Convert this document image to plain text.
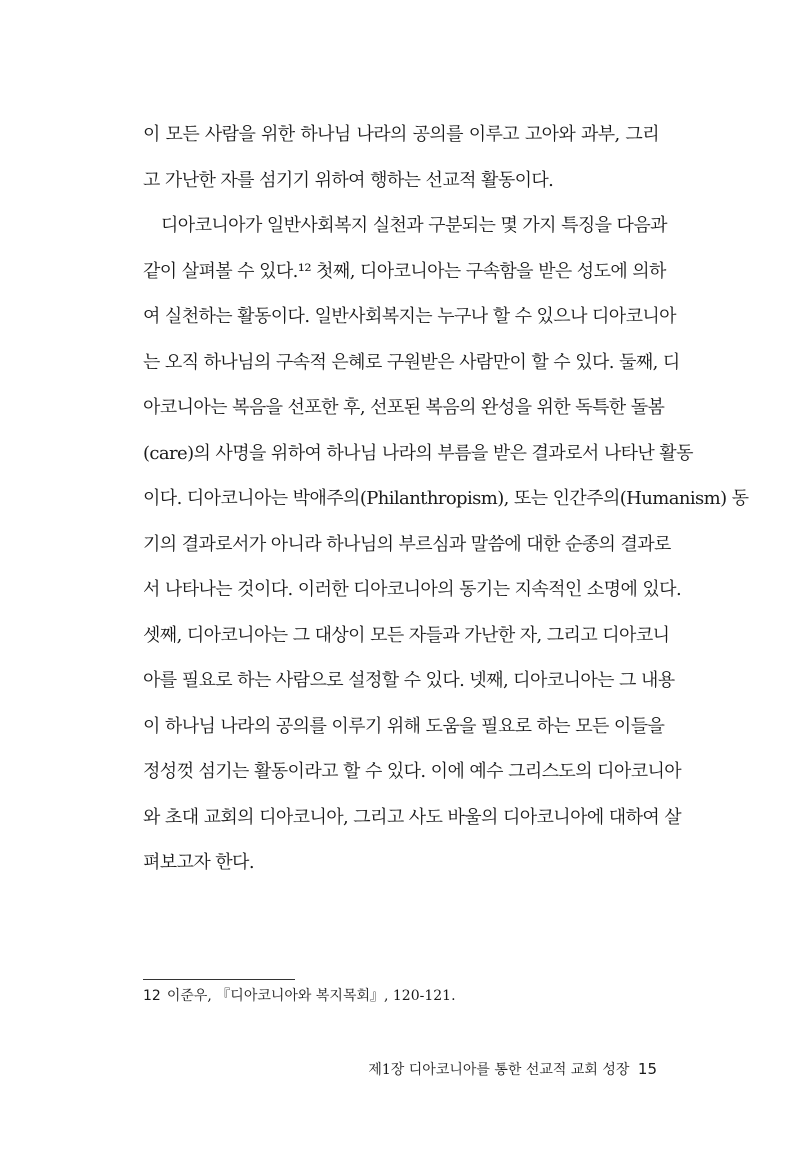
이 모든 사람을 위한 하나님 나라의 공의를 이루고 고아와 과부, 그리
고 가난한 자를 섬기기 위하여 행하는 선교적 활동이다.
디아코니아가 일반사회복지 실천과 구분되는 몇 가지 특징을 다음과
같이 살펴볼 수 있다.¹² 첫째, 디아코니아는 구속함을 받은 성도에 의하
여 실천하는 활동이다. 일반사회복지는 누구나 할 수 있으나 디아코니아
는 오직 하나님의 구속적 은혜로 구원받은 사람만이 할 수 있다. 둘째, 디
아코니아는 복음을 선포한 후, 선포된 복음의 완성을 위한 독특한 돌봄
(care)의 사명을 위하여 하나님 나라의 부름을 받은 결과로서 나타난 활동
이다. 디아코니아는 박애주의(Philanthropism), 또는 인간주의(Humanism) 동
기의 결과로서가 아니라 하나님의 부르심과 말씀에 대한 순종의 결과로
서 나타나는 것이다. 이러한 디아코니아의 동기는 지속적인 소명에 있다.
셋째, 디아코니아는 그 대상이 모든 자들과 가난한 자, 그리고 디아코니
아를 필요로 하는 사람으로 설정할 수 있다. 넷째, 디아코니아는 그 내용
이 하나님 나라의 공의를 이루기 위해 도움을 필요로 하는 모든 이들을
정성껏 섬기는 활동이라고 할 수 있다. 이에 예수 그리스도의 디아코니아
와 초대 교회의 디아코니아, 그리고 사도 바울의 디아코니아에 대하여 살
펴보고자 한다.
12 이준우, 『디아코니아와 복지목회』, 120-121.
제1장 디아코니아를 통한 선교적 교회 성장 15
